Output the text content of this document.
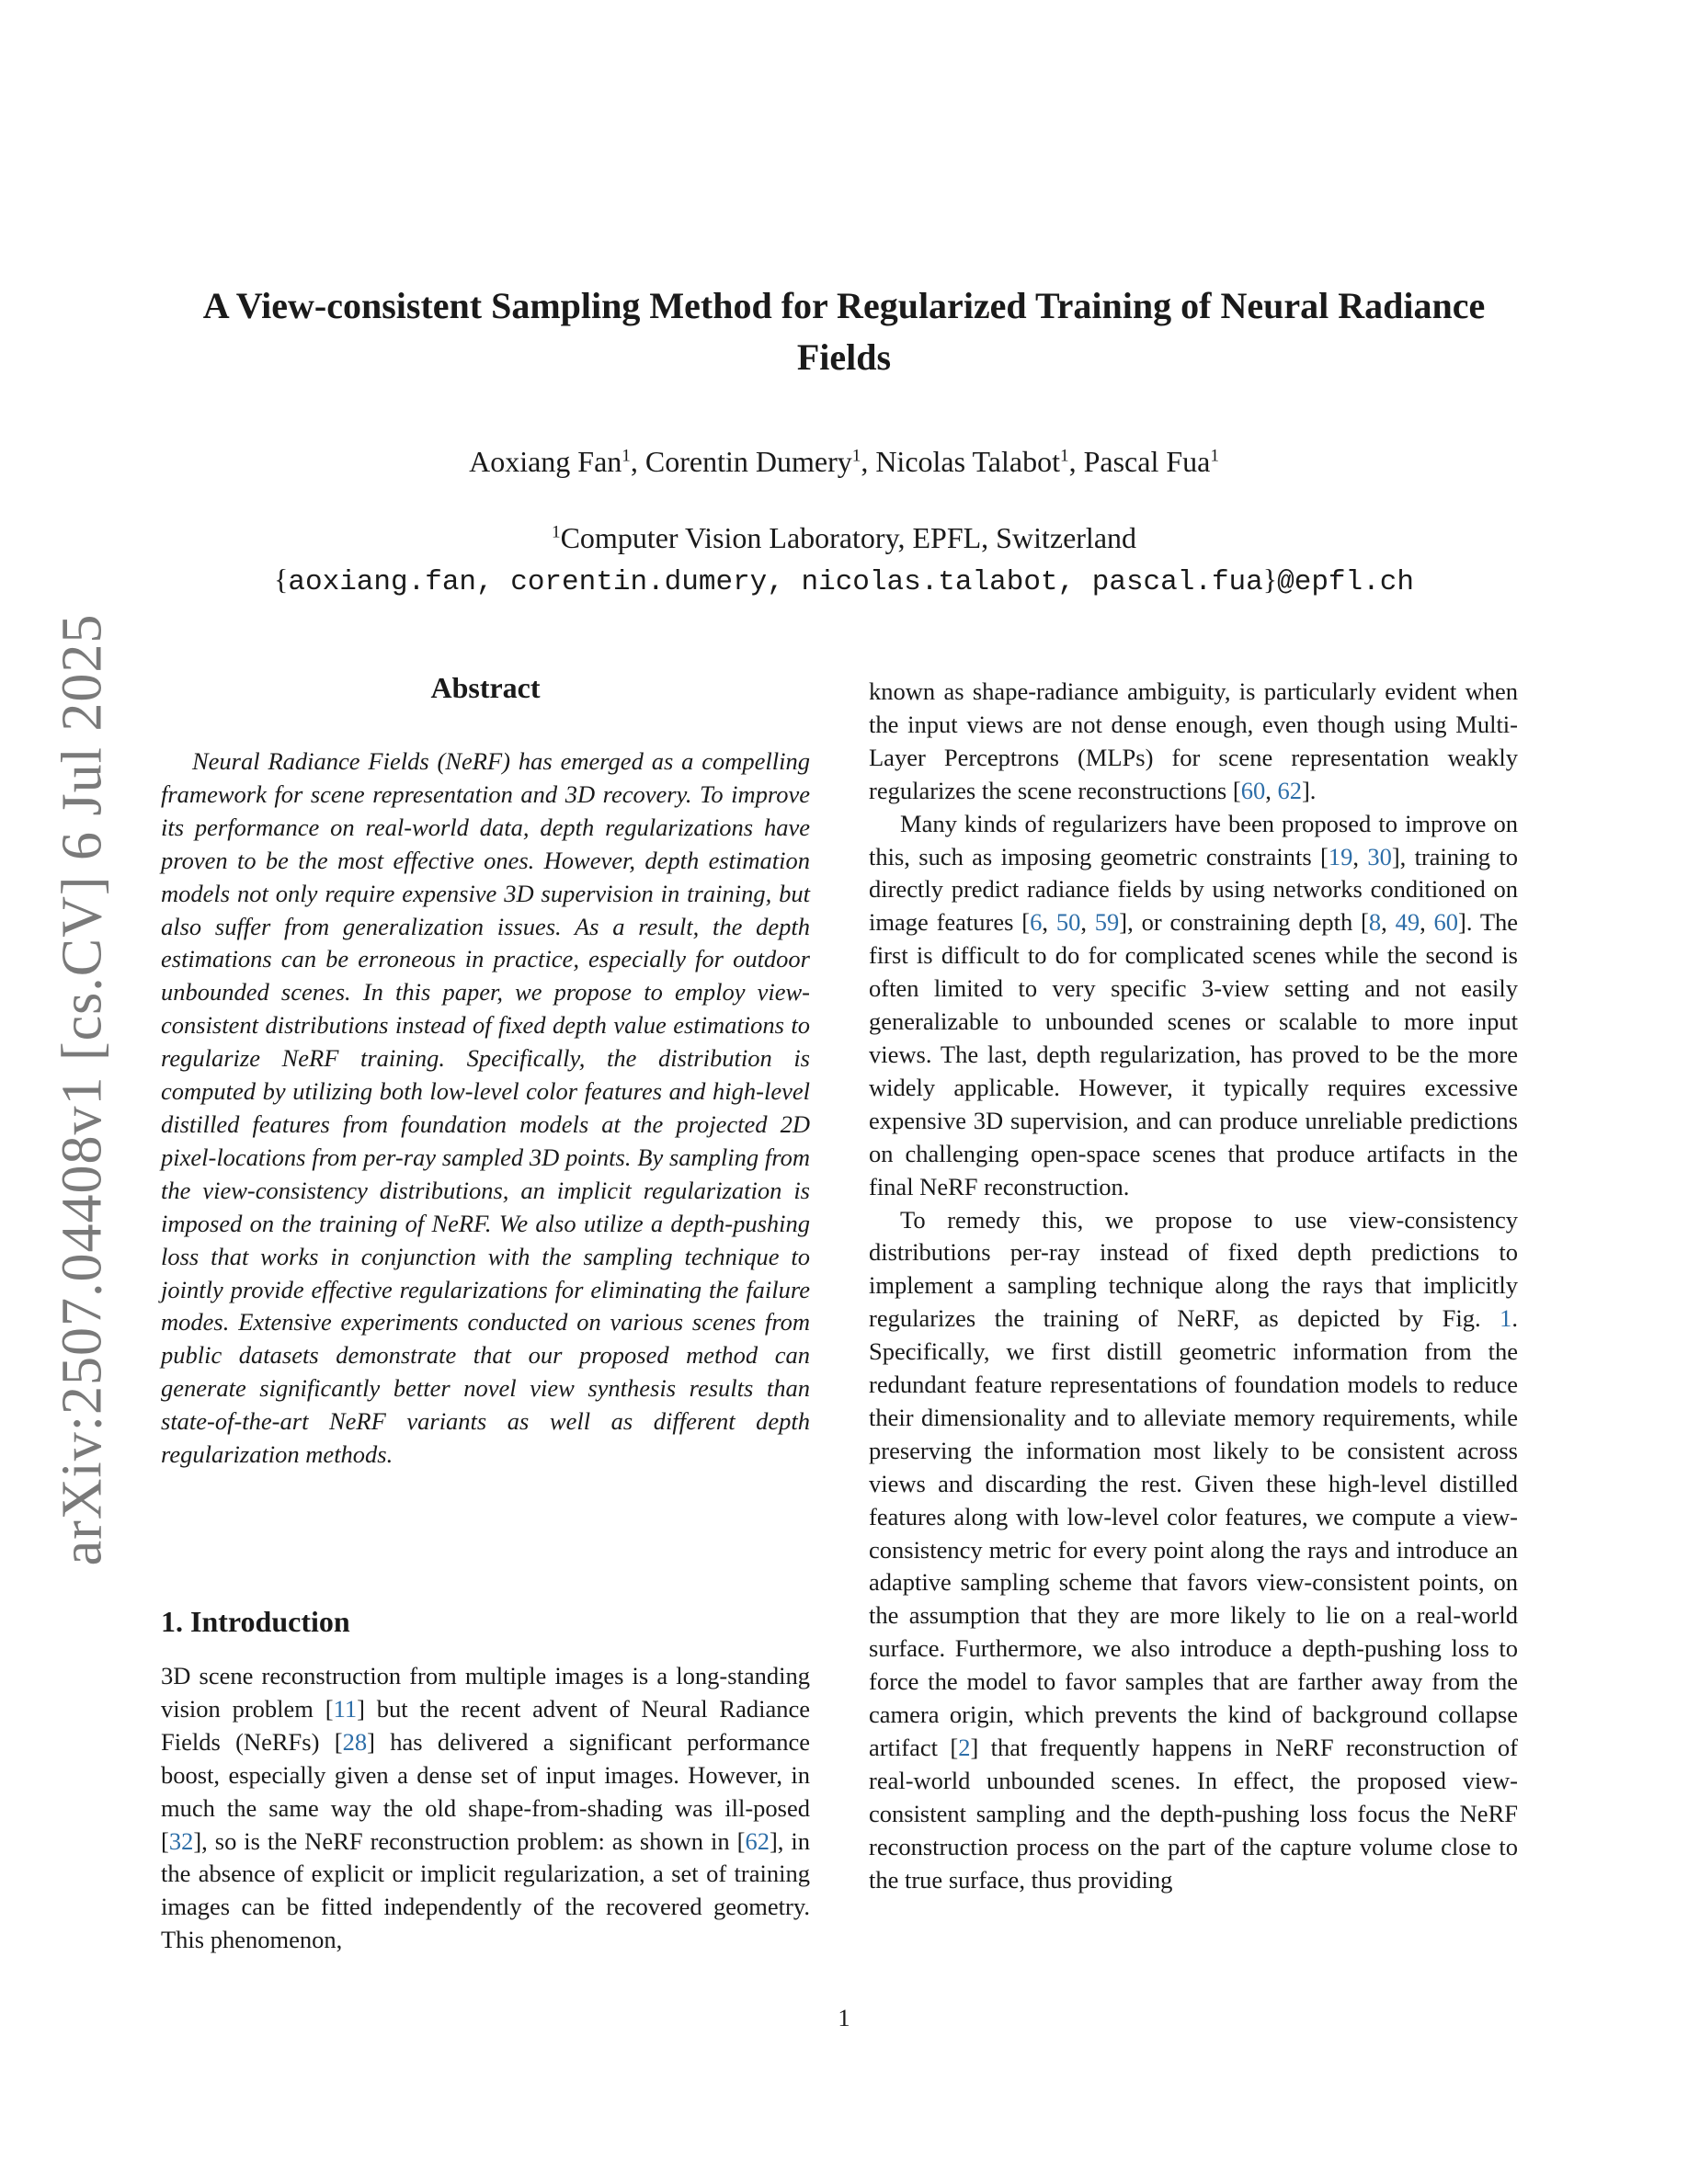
arXiv:2507.04408v1 [cs.CV] 6 Jul 2025
A View-consistent Sampling Method for Regularized Training of Neural Radiance Fields
Aoxiang Fan$^1$, Corentin Dumery$^1$, Nicolas Talabot$^1$, Pascal Fua$^1$
$^1$Computer Vision Laboratory, EPFL, Switzerland
{aoxiang.fan, corentin.dumery, nicolas.talabot, pascal.fua}@epfl.ch
Abstract
Neural Radiance Fields (NeRF) has emerged as a compelling framework for scene representation and 3D recovery. To improve its performance on real-world data, depth regularizations have proven to be the most effective ones. However, depth estimation models not only require expensive 3D supervision in training, but also suffer from generalization issues. As a result, the depth estimations can be erroneous in practice, especially for outdoor unbounded scenes. In this paper, we propose to employ view-consistent distributions instead of fixed depth value estimations to regularize NeRF training. Specifically, the distribution is computed by utilizing both low-level color features and high-level distilled features from foundation models at the projected 2D pixel-locations from per-ray sampled 3D points. By sampling from the view-consistency distributions, an implicit regularization is imposed on the training of NeRF. We also utilize a depth-pushing loss that works in conjunction with the sampling technique to jointly provide effective regularizations for eliminating the failure modes. Extensive experiments conducted on various scenes from public datasets demonstrate that our proposed method can generate significantly better novel view synthesis results than state-of-the-art NeRF variants as well as different depth regularization methods.
1. Introduction

3D scene reconstruction from multiple images is a long-standing vision problem [11] but the recent advent of Neural Radiance Fields (NeRFs) [28] has delivered a significant performance boost, especially given a dense set of input images. However, in much the same way the old shape-from-shading was ill-posed [32], so is the NeRF reconstruction problem: as shown in [62], in the absence of explicit or implicit regularization, a set of training images can be fitted independently of the recovered geometry. This phenomenon,

known as shape-radiance ambiguity, is particularly evident when the input views are not dense enough, even though using Multi-Layer Perceptrons (MLPs) for scene representation weakly regularizes the scene reconstructions [60, 62].

Many kinds of regularizers have been proposed to improve on this, such as imposing geometric constraints [19, 30], training to directly predict radiance fields by using networks conditioned on image features [6, 50, 59], or constraining depth [8, 49, 60]. The first is difficult to do for complicated scenes while the second is often limited to very specific 3-view setting and not easily generalizable to unbounded scenes or scalable to more input views. The last, depth regularization, has proved to be the more widely applicable. However, it typically requires excessive expensive 3D supervision, and can produce unreliable predictions on challenging open-space scenes that produce artifacts in the final NeRF reconstruction.

To remedy this, we propose to use view-consistency distributions per-ray instead of fixed depth predictions to implement a sampling technique along the rays that implicitly regularizes the training of NeRF, as depicted by Fig. 1. Specifically, we first distill geometric information from the redundant feature representations of foundation models to reduce their dimensionality and to alleviate memory requirements, while preserving the information most likely to be consistent across views and discarding the rest. Given these high-level distilled features along with low-level color features, we compute a view-consistency metric for every point along the rays and introduce an adaptive sampling scheme that favors view-consistent points, on the assumption that they are more likely to lie on a real-world surface. Furthermore, we also introduce a depth-pushing loss to force the model to favor samples that are farther away from the camera origin, which prevents the kind of background collapse artifact [2] that frequently happens in NeRF reconstruction of real-world unbounded scenes. In effect, the proposed view-consistent sampling and the depth-pushing loss focus the NeRF reconstruction process on the part of the capture volume close to the true surface, thus providing

1
